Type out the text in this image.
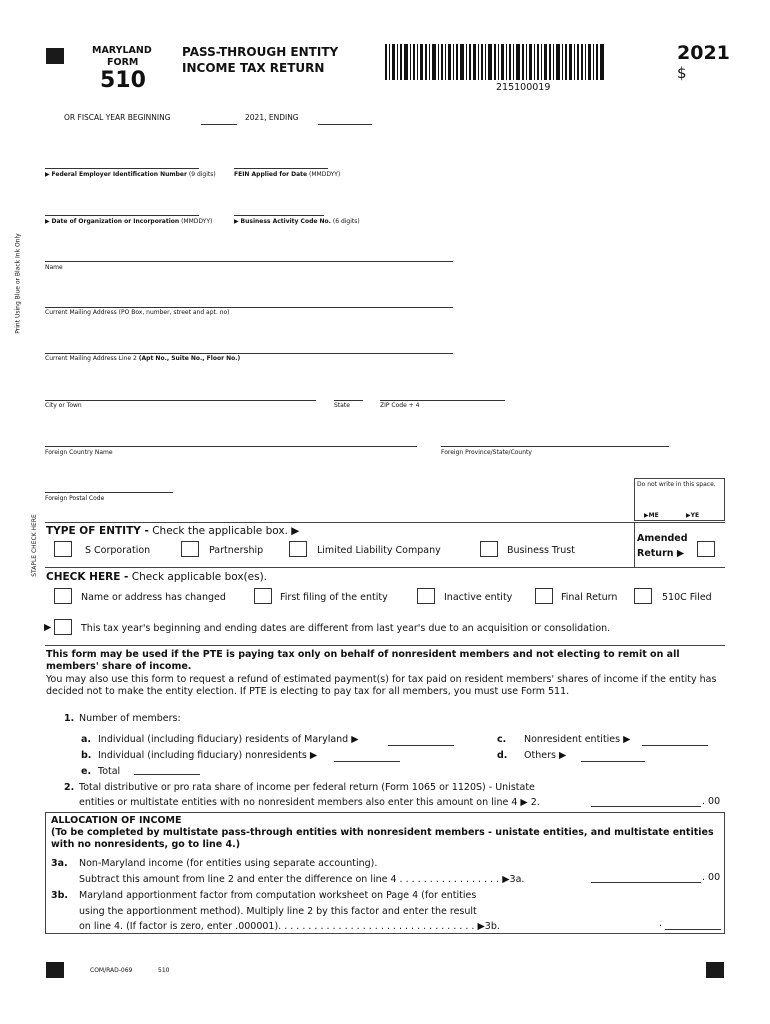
MARYLAND
FORM
510
PASS-THROUGH ENTITY
INCOME TAX RETURN
215100019
2021
$
OR FISCAL YEAR BEGINNING	2021, ENDING
Print Using Blue or Black Ink Only
STAPLE CHECK HERE
▶ Federal Employer Identification Number (9 digits)	FEIN Applied for Date (MMDDYY)
▶ Date of Organization or Incorporation (MMDDYY)	▶ Business Activity Code No. (6 digits)
Name
Current Mailing Address (PO Box, number, street and apt. no)
Current Mailing Address Line 2 (Apt No., Suite No., Floor No.)
City or Town	State	ZIP Code + 4
Foreign Country Name	Foreign Province/State/County
Foreign Postal Code
Do not write in this space.
▶ME	▶YE
TYPE OF ENTITY - Check the applicable box. ▶
S Corporation	Partnership	Limited Liability Company	Business Trust
Amended
Return ▶
CHECK HERE - Check applicable box(es).
Name or address has changed	First filing of the entity	Inactive entity	Final Return	510C Filed
▶	This tax year's beginning and ending dates are different from last year's due to an acquisition or consolidation.
This form may be used if the PTE is paying tax only on behalf of nonresident members and not electing to remit on all members' share of income.
You may also use this form to request a refund of estimated payment(s) for tax paid on resident members' shares of income if the entity has decided not to make the entity election. If PTE is electing to pay tax for all members, you must use Form 511.
1. Number of members:
a. Individual (including fiduciary) residents of Maryland ▶
b. Individual (including fiduciary) nonresidents ▶
c. Nonresident entities ▶
d. Others ▶
e. Total
2. Total distributive or pro rata share of income per federal return (Form 1065 or 1120S) - Unistate
entities or multistate entities with no nonresident members also enter this amount on line 4 ▶ 2.	. 00
ALLOCATION OF INCOME
(To be completed by multistate pass-through entities with nonresident members - unistate entities, and multistate entities with no nonresidents, go to line 4.)
3a. Non-Maryland income (for entities using separate accounting).
Subtract this amount from line 2 and enter the difference on line 4 . . . . . . . . . . . . . . . . . ▶3a.	. 00
3b. Maryland apportionment factor from computation worksheet on Page 4 (for entities
using the apportionment method). Multiply line 2 by this factor and enter the result
on line 4. (If factor is zero, enter .000001). . . . . . . . . . . . . . . . . . . . . . . . . . . . . . . . . ▶3b.	.
COM/RAD-069	510
